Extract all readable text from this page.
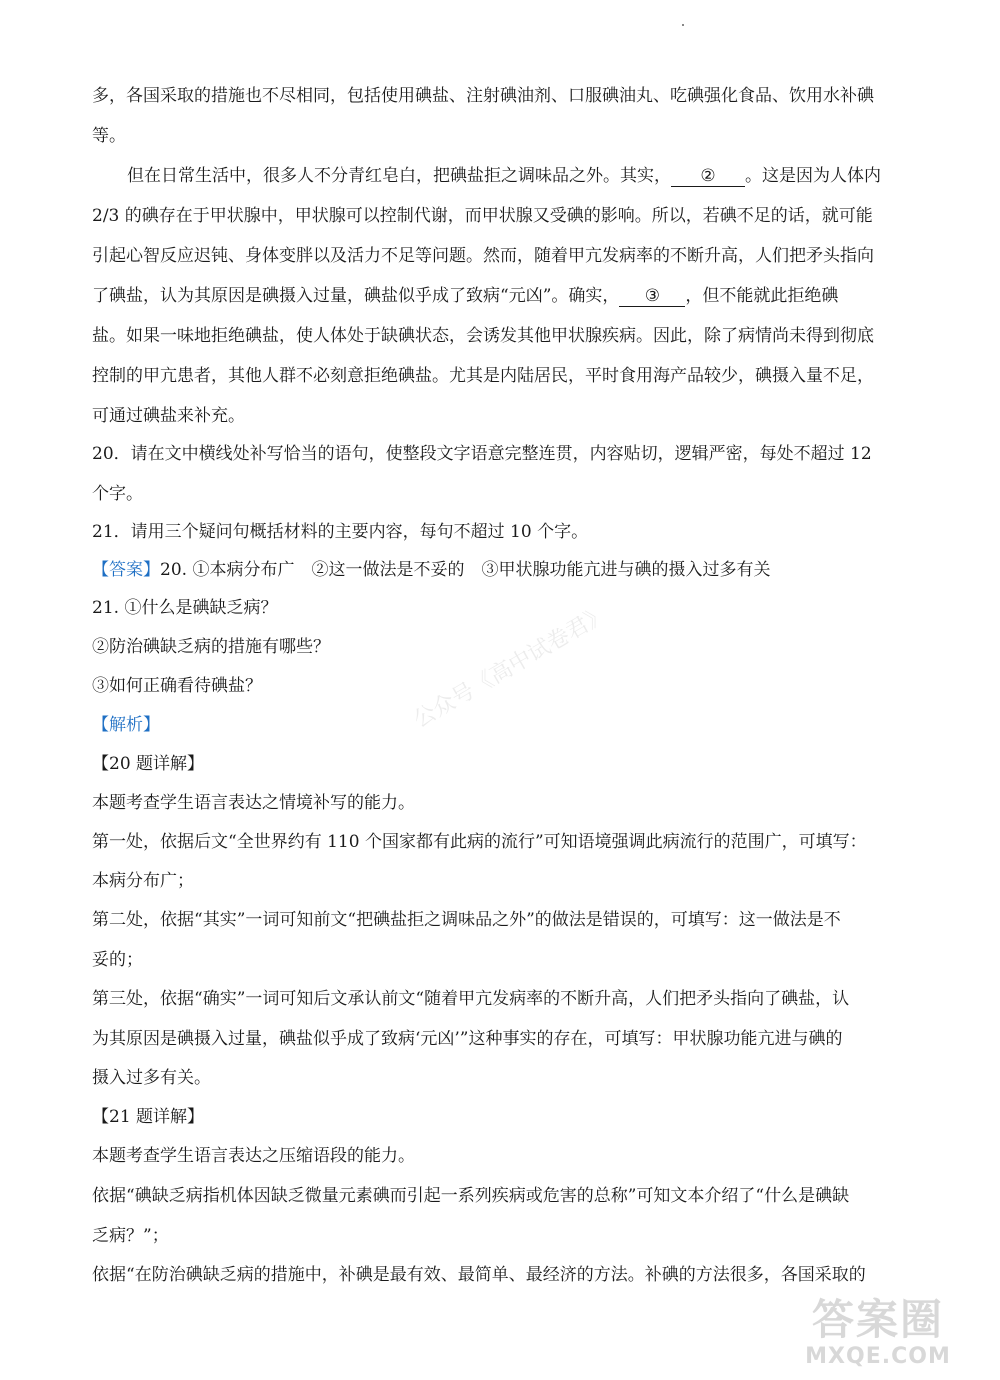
多，各国采取的措施也不尽相同，包括使用碘盐、注射碘油剂、口服碘油丸、吃碘强化食品、饮用水补碘
等。
但在日常生活中，很多人不分青红皂白，把碘盐拒之调味品之外。其实， ② 。这是因为人体内
2/3 的碘存在于甲状腺中，甲状腺可以控制代谢，而甲状腺又受碘的影响。所以，若碘不足的话，就可能
引起心智反应迟钝、身体变胖以及活力不足等问题。然而，随着甲亢发病率的不断升高，人们把矛头指向
了碘盐，认为其原因是碘摄入过量，碘盐似乎成了致病“元凶”。确实， ③ ，但不能就此拒绝碘
盐。如果一味地拒绝碘盐，使人体处于缺碘状态，会诱发其他甲状腺疾病。因此，除了病情尚未得到彻底
控制的甲亢患者，其他人群不必刻意拒绝碘盐。尤其是内陆居民，平时食用海产品较少，碘摄入量不足，
可通过碘盐来补充。
20．请在文中横线处补写恰当的语句，使整段文字语意完整连贯，内容贴切，逻辑严密，每处不超过 12
个字。
21．请用三个疑问句概括材料的主要内容，每句不超过 10 个字。
【答案】20. ①本病分布广　②这一做法是不妥的　③甲状腺功能亢进与碘的摄入过多有关
21. ①什么是碘缺乏病？
②防治碘缺乏病的措施有哪些？
③如何正确看待碘盐？
【解析】
【20 题详解】
本题考查学生语言表达之情境补写的能力。
第一处，依据后文“全世界约有 110 个国家都有此病的流行”可知语境强调此病流行的范围广，可填写：
本病分布广；
第二处，依据“其实”一词可知前文“把碘盐拒之调味品之外”的做法是错误的，可填写：这一做法是不
妥的；
第三处，依据“确实”一词可知后文承认前文“随着甲亢发病率的不断升高，人们把矛头指向了碘盐，认
为其原因是碘摄入过量，碘盐似乎成了致病‘元凶’”这种事实的存在，可填写：甲状腺功能亢进与碘的
摄入过多有关。
【21 题详解】
本题考查学生语言表达之压缩语段的能力。
依据“碘缺乏病指机体因缺乏微量元素碘而引起一系列疾病或危害的总称”可知文本介绍了“什么是碘缺
乏病？”；
依据“在防治碘缺乏病的措施中，补碘是最有效、最简单、最经济的方法。补碘的方法很多，各国采取的
公众号《高中试卷君》
答案圈
MXQE.COM
